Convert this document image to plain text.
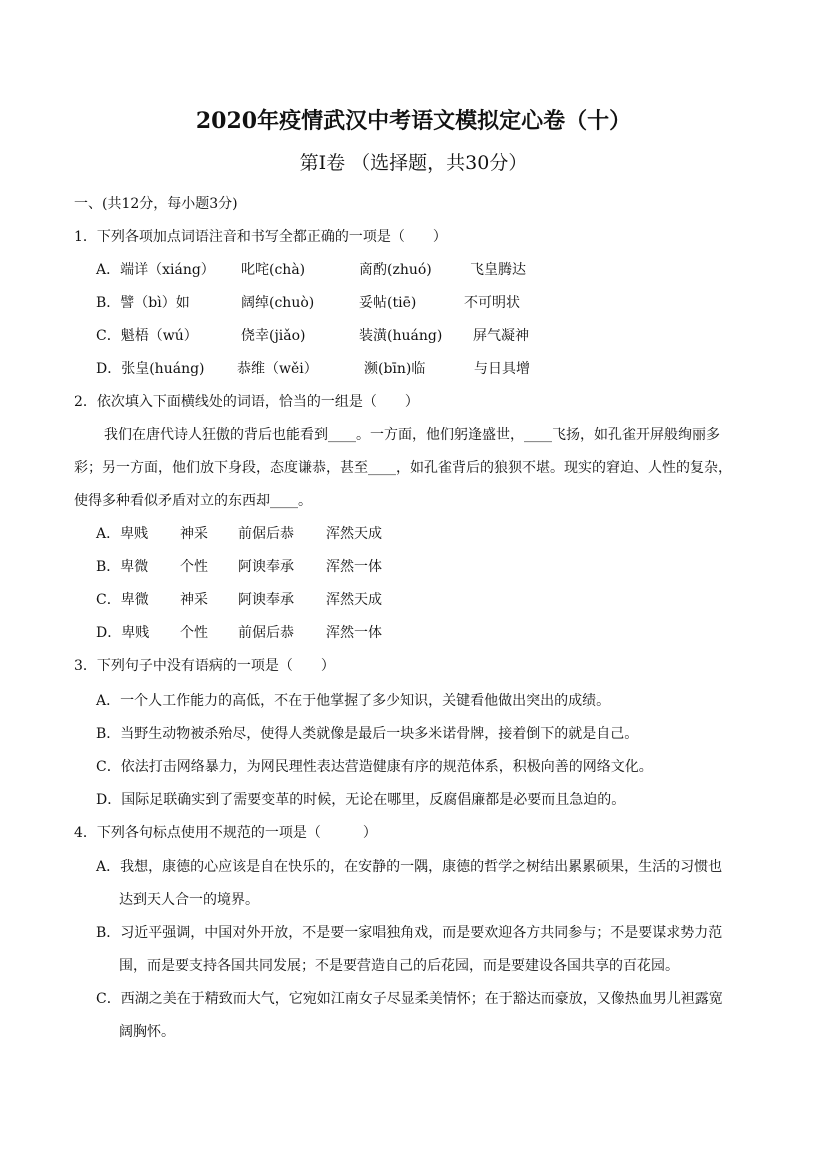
2020年疫情武汉中考语文模拟定心卷（十）
第Ⅰ卷 （选择题，共30分）
一、(共12分，每小题3分)
1．下列各项加点词语注音和书写全都正确的一项是（　　）
A．端详（xiáng） 叱咤(chà)	啇酌(zhuó)	飞皇腾达
B．譬（bì）如	阔绰(chuò)	妥帖(tiē)	不可明状
C．魁梧（wú）	侥幸(jiǎo)	装潢(huáng) 屏气凝神
D．张皇(huáng) 恭维（wěi）	濒(bīn)临	与日具增
2．依次填入下面横线处的词语，恰当的一组是（　　）
我们在唐代诗人狂傲的背后也能看到____。一方面，他们躬逢盛世，____飞扬，如孔雀开屏般绚丽多
彩；另一方面，他们放下身段，态度谦恭，甚至____，如孔雀背后的狼狈不堪。现实的窘迫、人性的复杂，
使得多种看似矛盾对立的东西却____。
A．卑贱 神采 前倨后恭 浑然天成
B．卑微 个性 阿谀奉承 浑然一体
C．卑微 神采 阿谀奉承 浑然天成
D．卑贱 个性 前倨后恭 浑然一体
3．下列句子中没有语病的一项是（　　）
A．一个人工作能力的高低，不在于他掌握了多少知识，关键看他做出突出的成绩。
B．当野生动物被杀殆尽，使得人类就像是最后一块多米诺骨牌，接着倒下的就是自己。
C．依法打击网络暴力，为网民理性表达营造健康有序的规范体系，积极向善的网络文化。
D．国际足联确实到了需要变革的时候，无论在哪里，反腐倡廉都是必要而且急迫的。
4．下列各句标点使用不规范的一项是（　　　）
A．我想，康德的心应该是自在快乐的，在安静的一隅，康德的哲学之树结出累累硕果，生活的习惯也
达到天人合一的境界。
B．习近平强调，中国对外开放，不是要一家唱独角戏，而是要欢迎各方共同参与；不是要谋求势力范
围，而是要支持各国共同发展；不是要营造自己的后花园，而是要建设各国共享的百花园。
C．西湖之美在于精致而大气，它宛如江南女子尽显柔美情怀；在于豁达而豪放，又像热血男儿袒露宽
阔胸怀。
